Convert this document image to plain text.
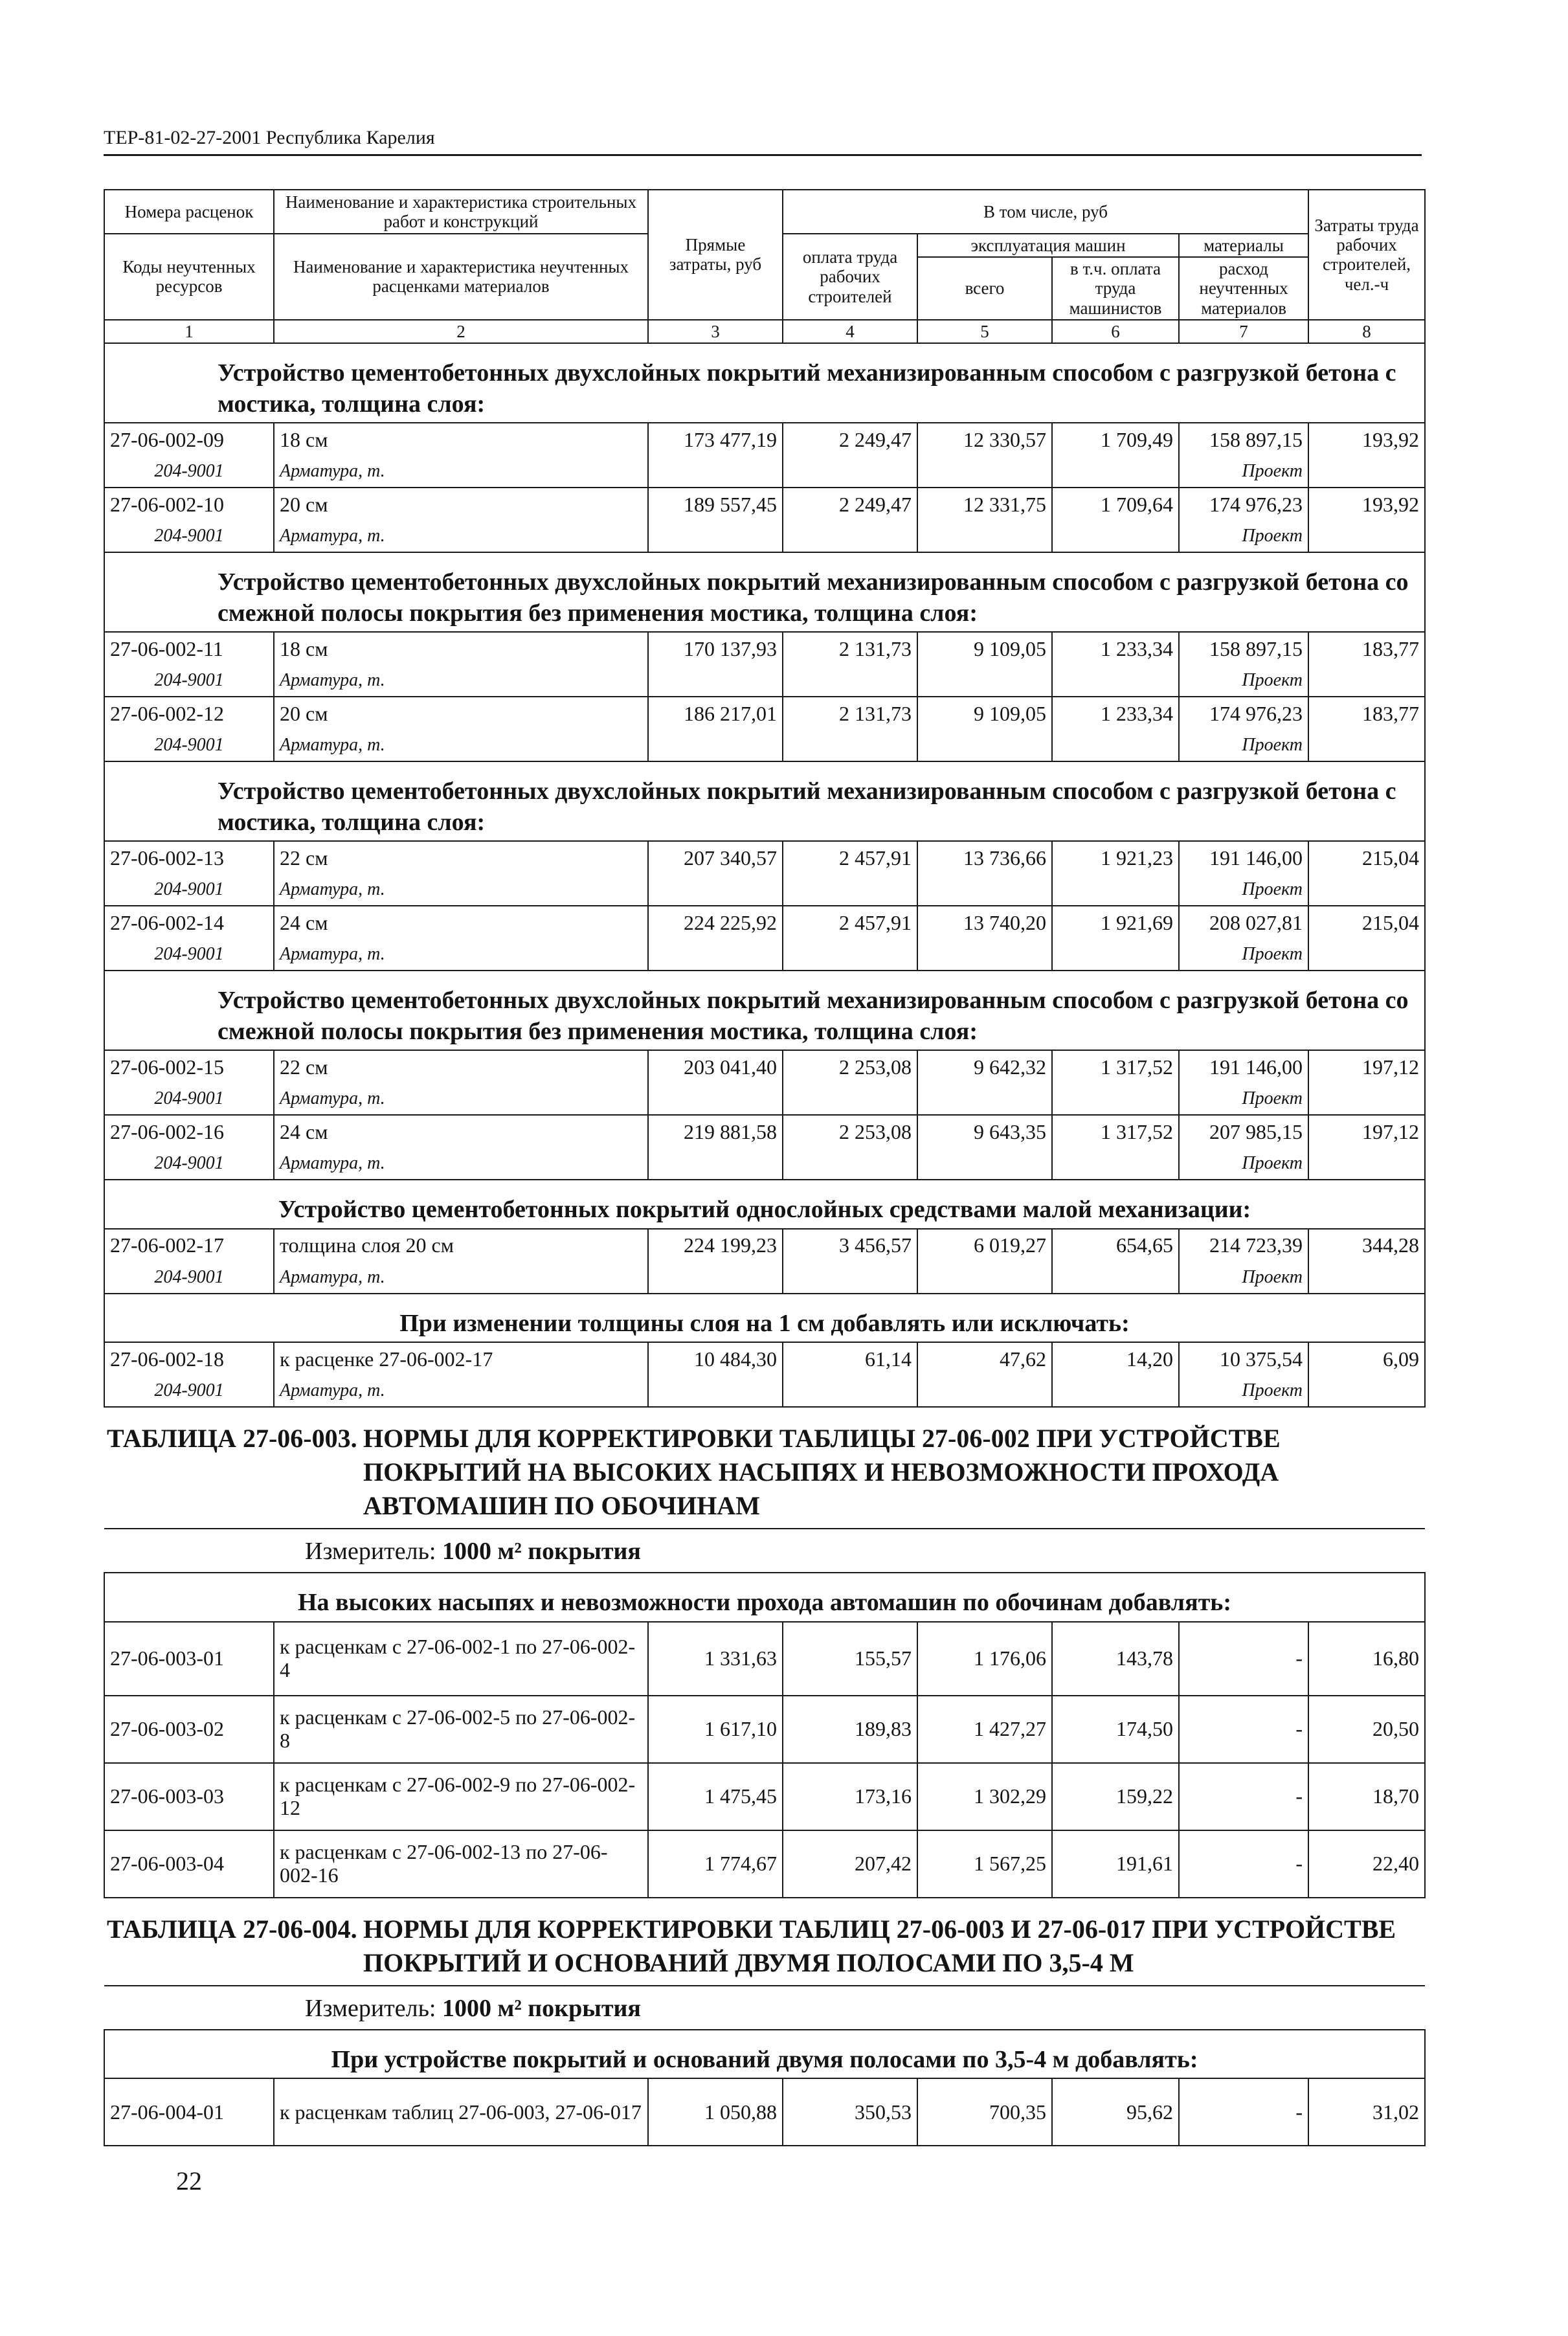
ТЕР-81-02-27-2001 Республика Карелия
Номера расценок	Наименование и характеристика строительных работ и конструкций	Прямые затраты, руб	В том числе, руб				Затраты труда рабочих строителей, чел.-ч
Коды неучтенных ресурсов	Наименование и характеристика неучтенных расценками материалов		оплата труда рабочих строителей	эксплуатация машин		материалы	
				всего	в т.ч. оплата труда машинистов	расход неучтенных материалов	
1	2	3	4	5	6	7	8
Устройство цементобетонных двухслойных покрытий механизированным способом с разгрузкой бетона с мостика, толщина слоя:							
27-06-002-09	18 см	173 477,19	2 249,47	12 330,57	1 709,49	158 897,15	193,92
204-9001	Арматура, т.					Проект	
27-06-002-10	20 см	189 557,45	2 249,47	12 331,75	1 709,64	174 976,23	193,92
204-9001	Арматура, т.					Проект	
Устройство цементобетонных двухслойных покрытий механизированным способом с разгрузкой бетона со смежной полосы покрытия без применения мостика, толщина слоя:							
27-06-002-11	18 см	170 137,93	2 131,73	9 109,05	1 233,34	158 897,15	183,77
204-9001	Арматура, т.					Проект	
27-06-002-12	20 см	186 217,01	2 131,73	9 109,05	1 233,34	174 976,23	183,77
204-9001	Арматура, т.					Проект	
Устройство цементобетонных двухслойных покрытий механизированным способом с разгрузкой бетона с мостика, толщина слоя:							
27-06-002-13	22 см	207 340,57	2 457,91	13 736,66	1 921,23	191 146,00	215,04
204-9001	Арматура, т.					Проект	
27-06-002-14	24 см	224 225,92	2 457,91	13 740,20	1 921,69	208 027,81	215,04
204-9001	Арматура, т.					Проект	
Устройство цементобетонных двухслойных покрытий механизированным способом с разгрузкой бетона со смежной полосы покрытия без применения мостика, толщина слоя:							
27-06-002-15	22 см	203 041,40	2 253,08	9 642,32	1 317,52	191 146,00	197,12
204-9001	Арматура, т.					Проект	
27-06-002-16	24 см	219 881,58	2 253,08	9 643,35	1 317,52	207 985,15	197,12
204-9001	Арматура, т.					Проект	
Устройство цементобетонных покрытий однослойных средствами малой механизации:							
27-06-002-17	толщина слоя 20 см	224 199,23	3 456,57	6 019,27	654,65	214 723,39	344,28
204-9001	Арматура, т.					Проект	
При изменении толщины слоя на 1 см добавлять или исключать:							
27-06-002-18	к расценке 27-06-002-17	10 484,30	61,14	47,62	14,20	10 375,54	6,09
204-9001	Арматура, т.					Проект	
ТАБЛИЦА 27-06-003. НОРМЫ ДЛЯ КОРРЕКТИРОВКИ ТАБЛИЦЫ 27-06-002 ПРИ УСТРОЙСТВЕ ПОКРЫТИЙ НА ВЫСОКИХ НАСЫПЯХ И НЕВОЗМОЖНОСТИ ПРОХОДА АВТОМАШИН ПО ОБОЧИНАМ							
Измеритель: 1000 м² покрытия							
На высоких насыпях и невозможности прохода автомашин по обочинам добавлять:							
27-06-003-01	к расценкам с 27-06-002-1 по 27-06-002-4	1 331,63	155,57	1 176,06	143,78	-	16,80
27-06-003-02	к расценкам с 27-06-002-5 по 27-06-002-8	1 617,10	189,83	1 427,27	174,50	-	20,50
27-06-003-03	к расценкам с 27-06-002-9 по 27-06-002-12	1 475,45	173,16	1 302,29	159,22	-	18,70
27-06-003-04	к расценкам с 27-06-002-13 по 27-06-002-16	1 774,67	207,42	1 567,25	191,61	-	22,40
ТАБЛИЦА 27-06-004. НОРМЫ ДЛЯ КОРРЕКТИРОВКИ ТАБЛИЦ 27-06-003 И 27-06-017 ПРИ УСТРОЙСТВЕ ПОКРЫТИЙ И ОСНОВАНИЙ ДВУМЯ ПОЛОСАМИ ПО 3,5-4 М							
Измеритель: 1000 м² покрытия							
При устройстве покрытий и оснований двумя полосами по 3,5-4 м добавлять:							
27-06-004-01	к расценкам таблиц 27-06-003, 27-06-017	1 050,88	350,53	700,35	95,62	-	31,02
22
